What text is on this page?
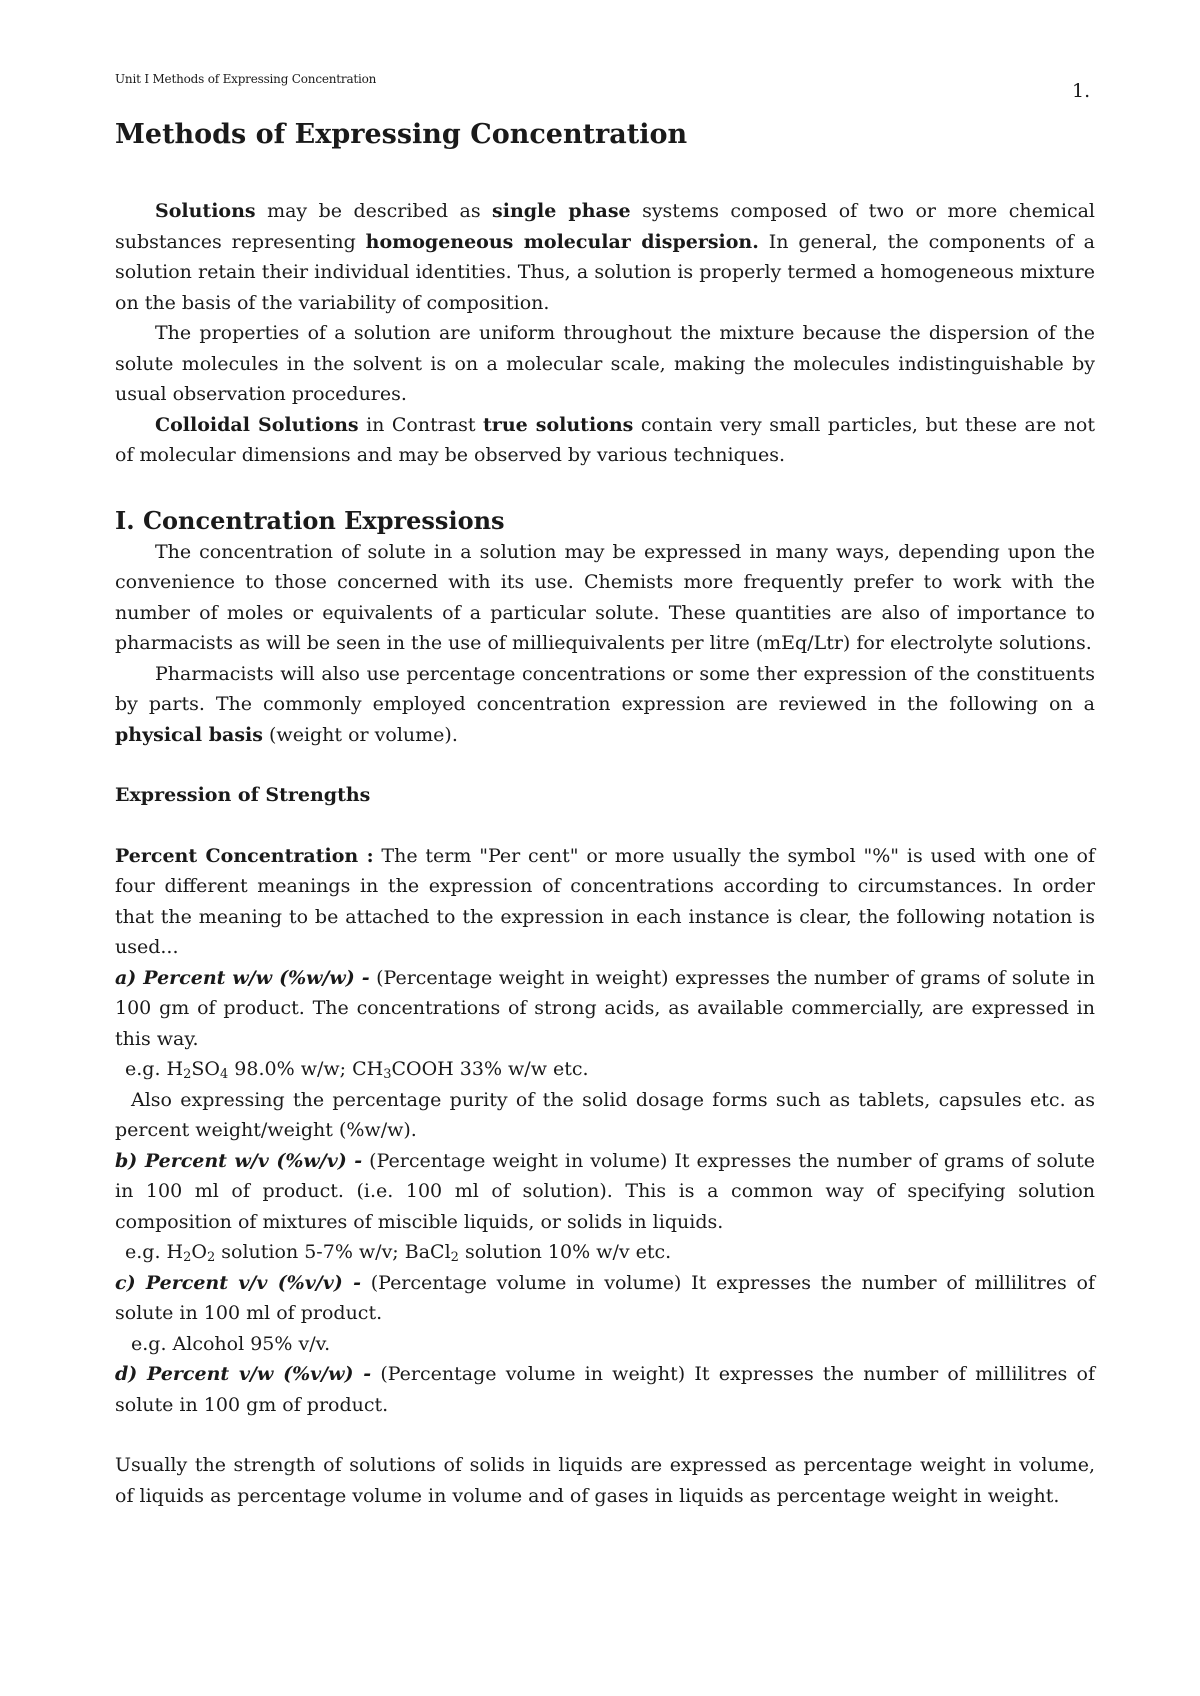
Unit I Methods of Expressing Concentration
1.
Methods of Expressing Concentration

Solutions may be described as single phase systems composed of two or more chemical substances representing homogeneous molecular dispersion. In general, the components of a solution retain their individual identities. Thus, a solution is properly termed a homogeneous mixture on the basis of the variability of composition.

The properties of a solution are uniform throughout the mixture because the dispersion of the solute molecules in the solvent is on a molecular scale, making the molecules indistinguishable by usual observation procedures.

Colloidal Solutions in Contrast true solutions contain very small particles, but these are not of molecular dimensions and may be observed by various techniques.

I. Concentration Expressions

The concentration of solute in a solution may be expressed in many ways, depending upon the convenience to those concerned with its use. Chemists more frequently prefer to work with the number of moles or equivalents of a particular solute. These quantities are also of importance to pharmacists as will be seen in the use of milliequivalents per litre (mEq/Ltr) for electrolyte solutions.

Pharmacists will also use percentage concentrations or some ther expression of the constituents by parts. The commonly employed concentration expression are reviewed in the following on a physical basis (weight or volume).

Expression of Strengths

Percent Concentration : The term "Per cent" or more usually the symbol "%" is used with one of four different meanings in the expression of concentrations according to circumstances. In order that the meaning to be attached to the expression in each instance is clear, the following notation is used...

a) Percent w/w (%w/w) - (Percentage weight in weight) expresses the number of grams of solute in 100 gm of product. The concentrations of strong acids, as available commercially, are expressed in this way.

e.g. $H_2SO_4$ 98.0% w/w; $CH_3COOH$ 33% w/w etc.

Also expressing the percentage purity of the solid dosage forms such as tablets, capsules etc. as percent weight/weight (%w/w).

b) Percent w/v (%w/v) - (Percentage weight in volume) It expresses the number of grams of solute in 100 ml of product. (i.e. 100 ml of solution). This is a common way of specifying solution composition of mixtures of miscible liquids, or solids in liquids.

e.g. $H_2O_2$ solution 5-7% w/v; BaCl$_2$ solution 10% w/v etc.

c) Percent v/v (%v/v) - (Percentage volume in volume) It expresses the number of millilitres of solute in 100 ml of product.

e.g. Alcohol 95% v/v.

d) Percent v/w (%v/w) - (Percentage volume in weight) It expresses the number of millilitres of solute in 100 gm of product.

Usually the strength of solutions of solids in liquids are expressed as percentage weight in volume, of liquids as percentage volume in volume and of gases in liquids as percentage weight in weight.
